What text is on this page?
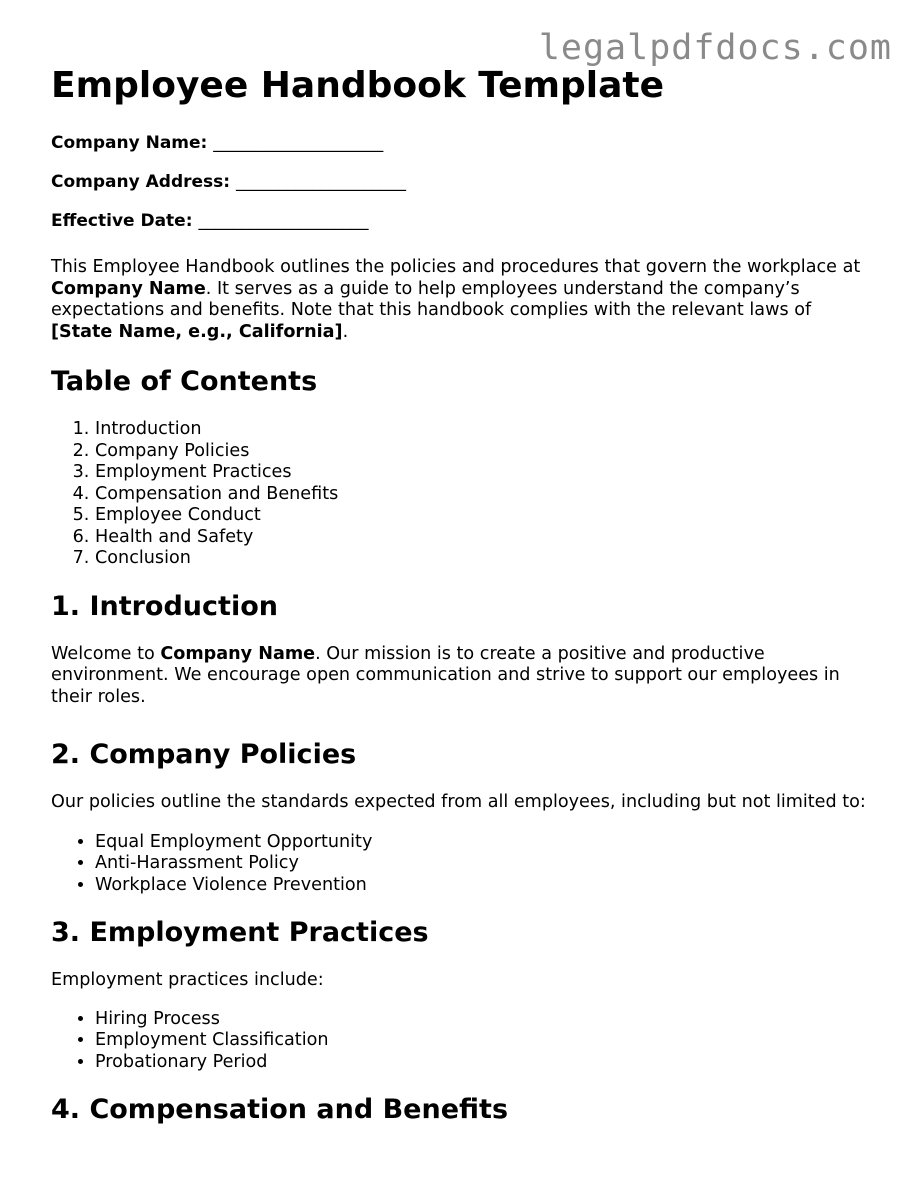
legalpdfdocs.com
Employee Handbook Template
Company Name: ____________________
Company Address: ____________________
Effective Date: ____________________

This Employee Handbook outlines the policies and procedures that govern the workplace at Company Name. It serves as a guide to help employees understand the company’s expectations and benefits. Note that this handbook complies with the relevant laws of [State Name, e.g., California].

Table of Contents
1. Introduction
2. Company Policies
3. Employment Practices
4. Compensation and Benefits
5. Employee Conduct
6. Health and Safety
7. Conclusion
1. Introduction

Welcome to Company Name. Our mission is to create a positive and productive environment. We encourage open communication and strive to support our employees in their roles.

2. Company Policies

Our policies outline the standards expected from all employees, including but not limited to:

• Equal Employment Opportunity
• Anti-Harassment Policy
• Workplace Violence Prevention
3. Employment Practices

Employment practices include:

• Hiring Process
• Employment Classification
• Probationary Period
4. Compensation and Benefits
